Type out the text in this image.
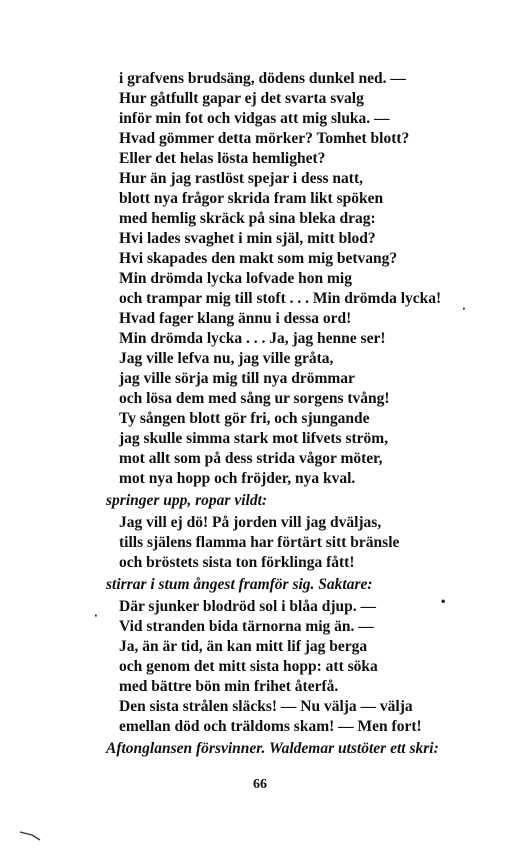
i grafvens brudsäng, dödens dunkel ned. —
Hur gåtfullt gapar ej det svarta svalg
inför min fot och vidgas att mig sluka. —
Hvad gömmer detta mörker? Tomhet blott?
Eller det helas lösta hemlighet?
Hur än jag rastlöst spejar i dess natt,
blott nya frågor skrida fram likt spöken
med hemlig skräck på sina bleka drag:
Hvi lades svaghet i min själ, mitt blod?
Hvi skapades den makt som mig betvang?
Min drömda lycka lofvade hon mig
och trampar mig till stoft . . . Min drömda lycka!
Hvad fager klang ännu i dessa ord!
Min drömda lycka . . . Ja, jag henne ser!
Jag ville lefva nu, jag ville gråta,
jag ville sörja mig till nya drömmar
och lösa dem med sång ur sorgens tvång!
Ty sången blott gör fri, och sjungande
jag skulle simma stark mot lifvets ström,
mot allt som på dess strida vågor möter,
mot nya hopp och fröjder, nya kval.
springer upp, ropar vildt:
Jag vill ej dö! På jorden vill jag dväljas,
tills själens flamma har förtärt sitt bränsle
och bröstets sista ton förklinga fått!
stirrar i stum ångest framför sig. Saktare:
Där sjunker blodröd sol i blåa djup. —
Vid stranden bida tärnorna mig än. —
Ja, än är tid, än kan mitt lif jag berga
och genom det mitt sista hopp: att söka
med bättre bön min frihet återfå.
Den sista strålen släcks! — Nu välja — välja
emellan död och träldoms skam! — Men fort!
Aftonglansen försvinner. Waldemar utstöter ett skri:
66
·
•
·
